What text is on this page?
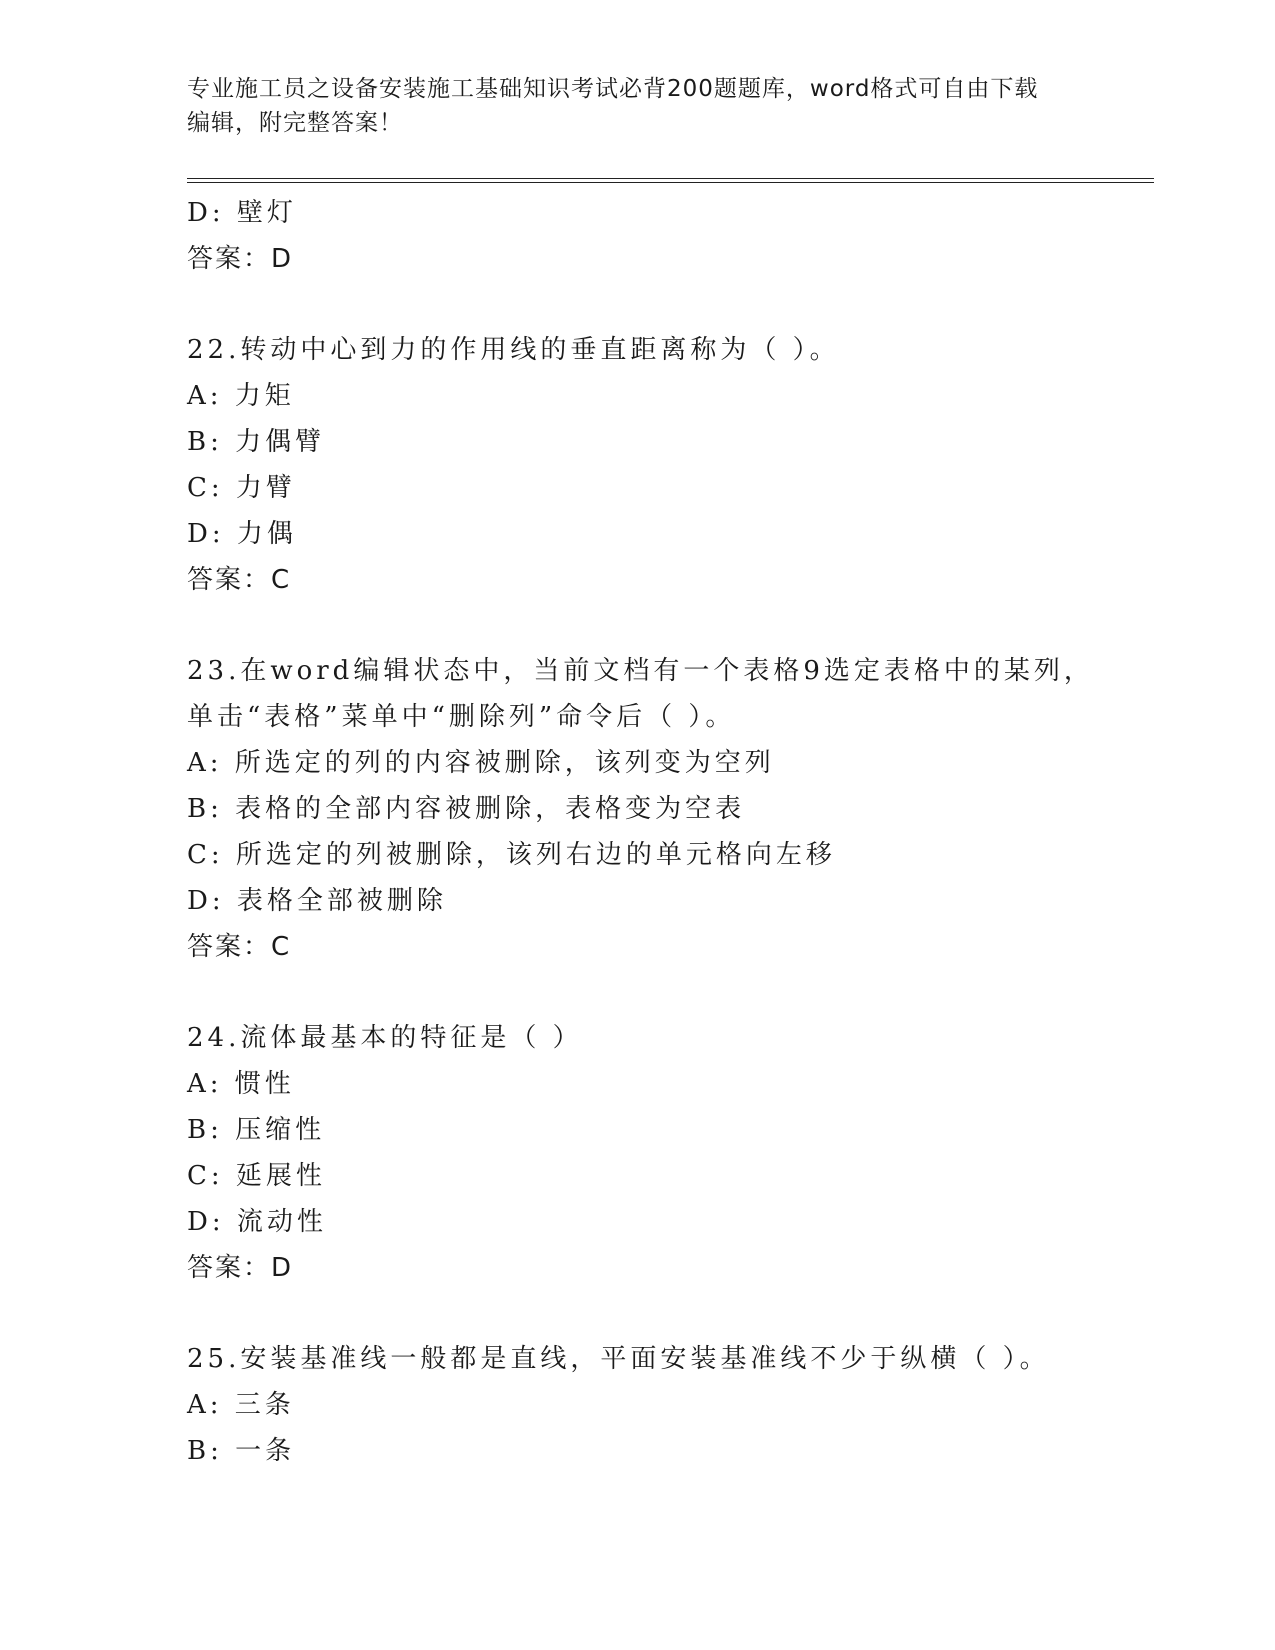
专业施工员之设备安装施工基础知识考试必背200题题库，word格式可自由下载
编辑，附完整答案！
D: 壁灯
答案：D
22.转动中心到力的作用线的垂直距离称为（ ）。
A: 力矩
B: 力偶臂
C: 力臂
D: 力偶
答案：C
23.在word编辑状态中，当前文档有一个表格9选定表格中的某列，
单击“表格”菜单中“删除列”命令后（ ）。
A: 所选定的列的内容被删除，该列变为空列
B: 表格的全部内容被删除，表格变为空表
C: 所选定的列被删除，该列右边的单元格向左移
D: 表格全部被删除
答案：C
24.流体最基本的特征是（ ）
A: 惯性
B: 压缩性
C: 延展性
D: 流动性
答案：D
25.安装基准线一般都是直线，平面安装基准线不少于纵横（ ）。
A: 三条
B: 一条
